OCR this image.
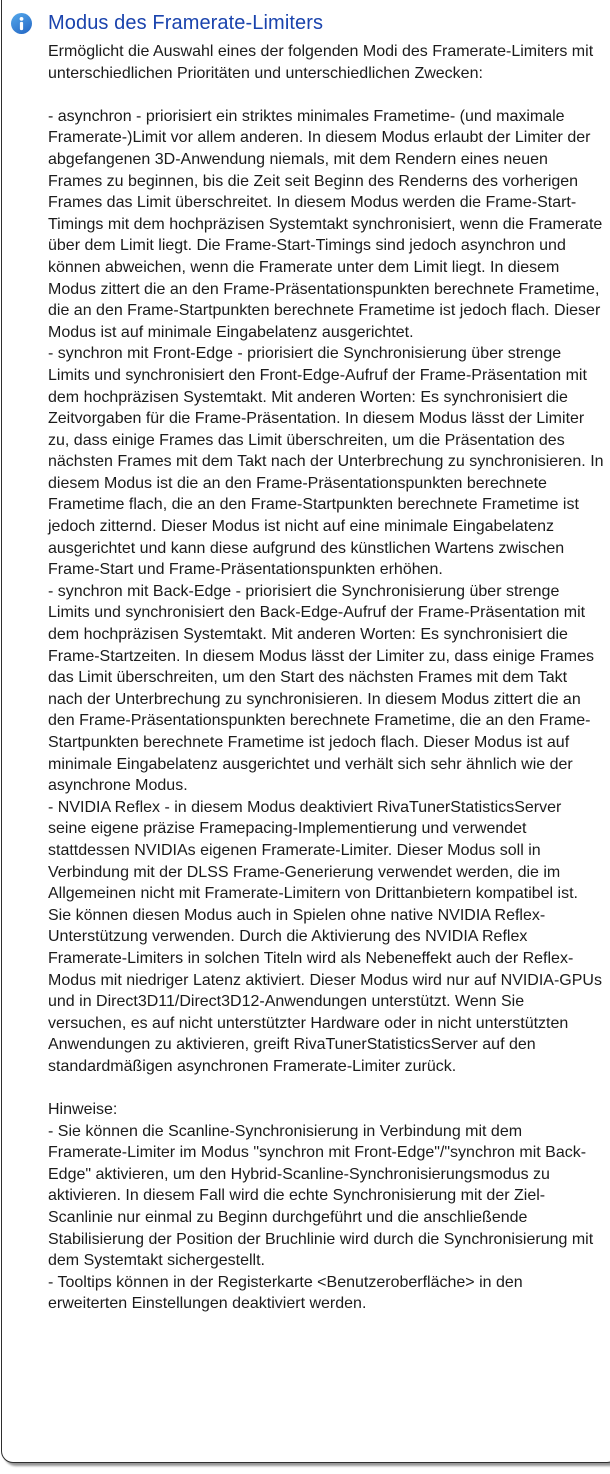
Modus des Framerate-Limiters

Ermöglicht die Auswahl eines der folgenden Modi des Framerate-Limiters mit unterschiedlichen Prioritäten und unterschiedlichen Zwecken:

- asynchron - priorisiert ein striktes minimales Frametime- (und maximale Framerate-)Limit vor allem anderen. In diesem Modus erlaubt der Limiter der abgefangenen 3D-Anwendung niemals, mit dem Rendern eines neuen Frames zu beginnen, bis die Zeit seit Beginn des Renderns des vorherigen Frames das Limit überschreitet. In diesem Modus werden die Frame-Start-Timings mit dem hochpräzisen Systemtakt synchronisiert, wenn die Framerate über dem Limit liegt. Die Frame-Start-Timings sind jedoch asynchron und können abweichen, wenn die Framerate unter dem Limit liegt. In diesem Modus zittert die an den Frame-Präsentationspunkten berechnete Frametime, die an den Frame-Startpunkten berechnete Frametime ist jedoch flach. Dieser Modus ist auf minimale Eingabelatenz ausgerichtet.

- synchron mit Front-Edge - priorisiert die Synchronisierung über strenge Limits und synchronisiert den Front-Edge-Aufruf der Frame-Präsentation mit dem hochpräzisen Systemtakt. Mit anderen Worten: Es synchronisiert die Zeitvorgaben für die Frame-Präsentation. In diesem Modus lässt der Limiter zu, dass einige Frames das Limit überschreiten, um die Präsentation des nächsten Frames mit dem Takt nach der Unterbrechung zu synchronisieren. In diesem Modus ist die an den Frame-Präsentationspunkten berechnete Frametime flach, die an den Frame-Startpunkten berechnete Frametime ist jedoch zitternd. Dieser Modus ist nicht auf eine minimale Eingabelatenz ausgerichtet und kann diese aufgrund des künstlichen Wartens zwischen Frame-Start und Frame-Präsentationspunkten erhöhen.

- synchron mit Back-Edge - priorisiert die Synchronisierung über strenge Limits und synchronisiert den Back-Edge-Aufruf der Frame-Präsentation mit dem hochpräzisen Systemtakt. Mit anderen Worten: Es synchronisiert die Frame-Startzeiten. In diesem Modus lässt der Limiter zu, dass einige Frames das Limit überschreiten, um den Start des nächsten Frames mit dem Takt nach der Unterbrechung zu synchronisieren. In diesem Modus zittert die an den Frame-Präsentationspunkten berechnete Frametime, die an den Frame-Startpunkten berechnete Frametime ist jedoch flach. Dieser Modus ist auf minimale Eingabelatenz ausgerichtet und verhält sich sehr ähnlich wie der asynchrone Modus.

- NVIDIA Reflex - in diesem Modus deaktiviert RivaTunerStatisticsServer seine eigene präzise Framepacing-Implementierung und verwendet stattdessen NVIDIAs eigenen Framerate-Limiter. Dieser Modus soll in Verbindung mit der DLSS Frame-Generierung verwendet werden, die im Allgemeinen nicht mit Framerate-Limitern von Drittanbietern kompatibel ist. Sie können diesen Modus auch in Spielen ohne native NVIDIA Reflex-Unterstützung verwenden. Durch die Aktivierung des NVIDIA Reflex Framerate-Limiters in solchen Titeln wird als Nebeneffekt auch der Reflex-Modus mit niedriger Latenz aktiviert. Dieser Modus wird nur auf NVIDIA-GPUs und in Direct3D11/Direct3D12-Anwendungen unterstützt. Wenn Sie versuchen, es auf nicht unterstützter Hardware oder in nicht unterstützten Anwendungen zu aktivieren, greift RivaTunerStatisticsServer auf den standardmäßigen asynchronen Framerate-Limiter zurück.

Hinweise:

- Sie können die Scanline-Synchronisierung in Verbindung mit dem Framerate-Limiter im Modus "synchron mit Front-Edge"/"synchron mit Back-Edge" aktivieren, um den Hybrid-Scanline-Synchronisierungsmodus zu aktivieren. In diesem Fall wird die echte Synchronisierung mit der Ziel-Scanlinie nur einmal zu Beginn durchgeführt und die anschließende Stabilisierung der Position der Bruchlinie wird durch die Synchronisierung mit dem Systemtakt sichergestellt.

- Tooltips können in der Registerkarte <Benutzeroberfläche> in den erweiterten Einstellungen deaktiviert werden.
